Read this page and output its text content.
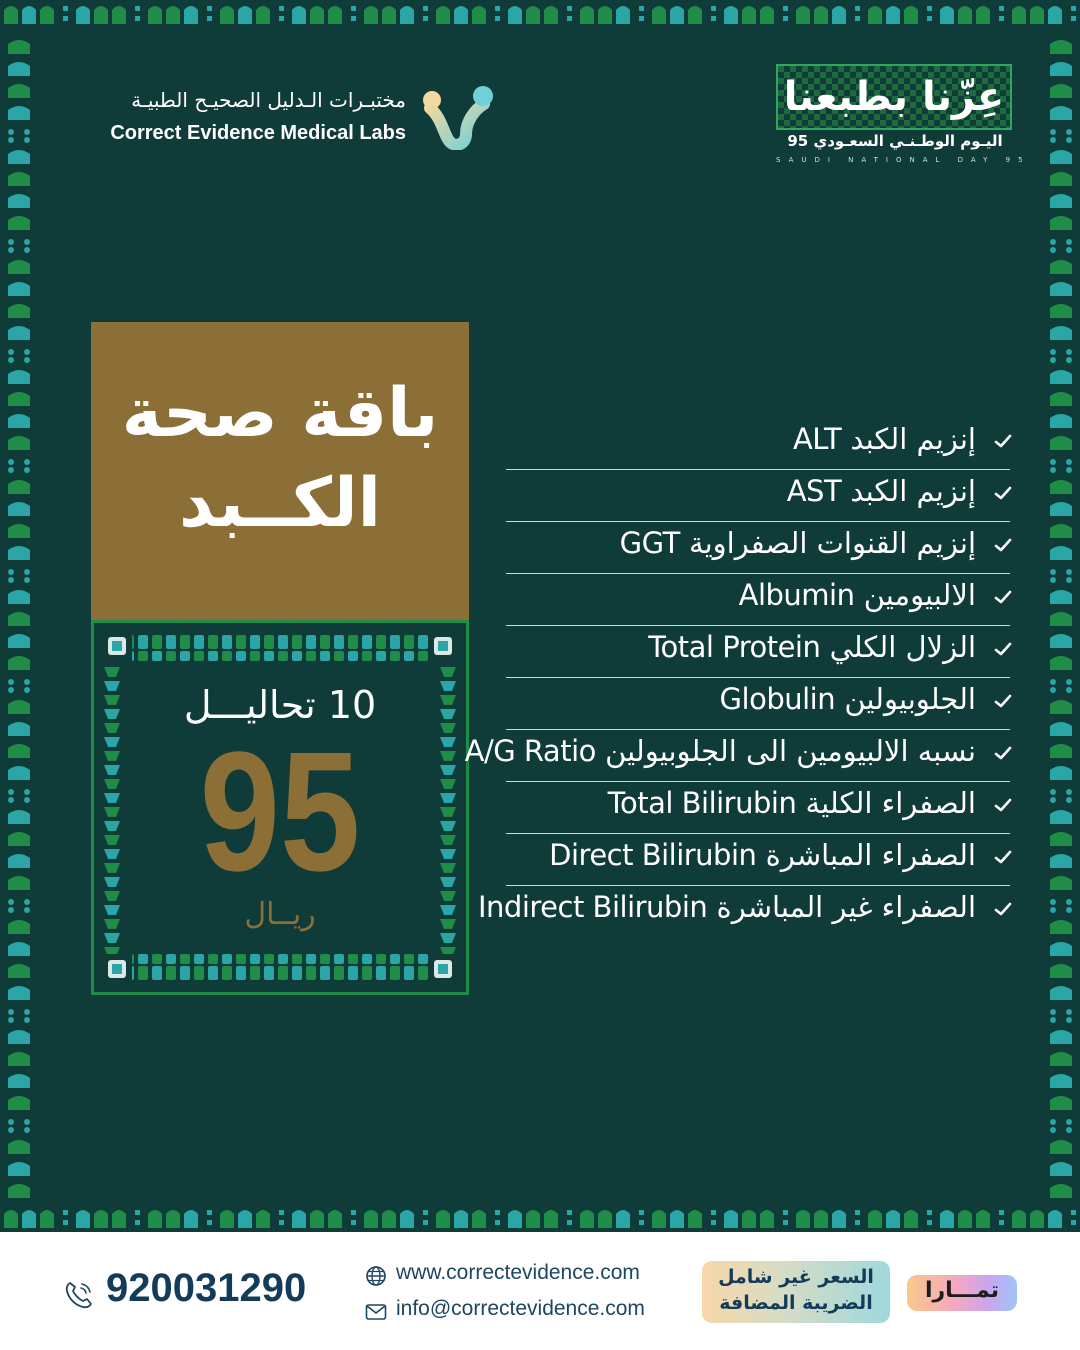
عِزّنا بطبعنا
اليـوم الوطـنـي السعـودي 95
SAUDI NATIONAL DAY 95
مختبـرات الـدليل الصحيـح الطبيـة
Correct Evidence Medical Labs
باقة صحة
الكــبد
10 تحاليـــل
95
ريــال
إنزيم الكبد ALT
إنزيم الكبد AST
إنزيم القنوات الصفراوية GGT
الالبيومين Albumin
الزلال الكلي Total Protein
الجلوبيولين Globulin
نسبه الالبيومين الى الجلوبيولين A/G Ratio
الصفراء الكلية Total Bilirubin
الصفراء المباشرة Direct Bilirubin
الصفراء غير المباشرة Indirect Bilirubin
تمـــارا
السعر غير شامل
الضريبة المضافة
www.correctevidence.com
info@correctevidence.com
920031290
